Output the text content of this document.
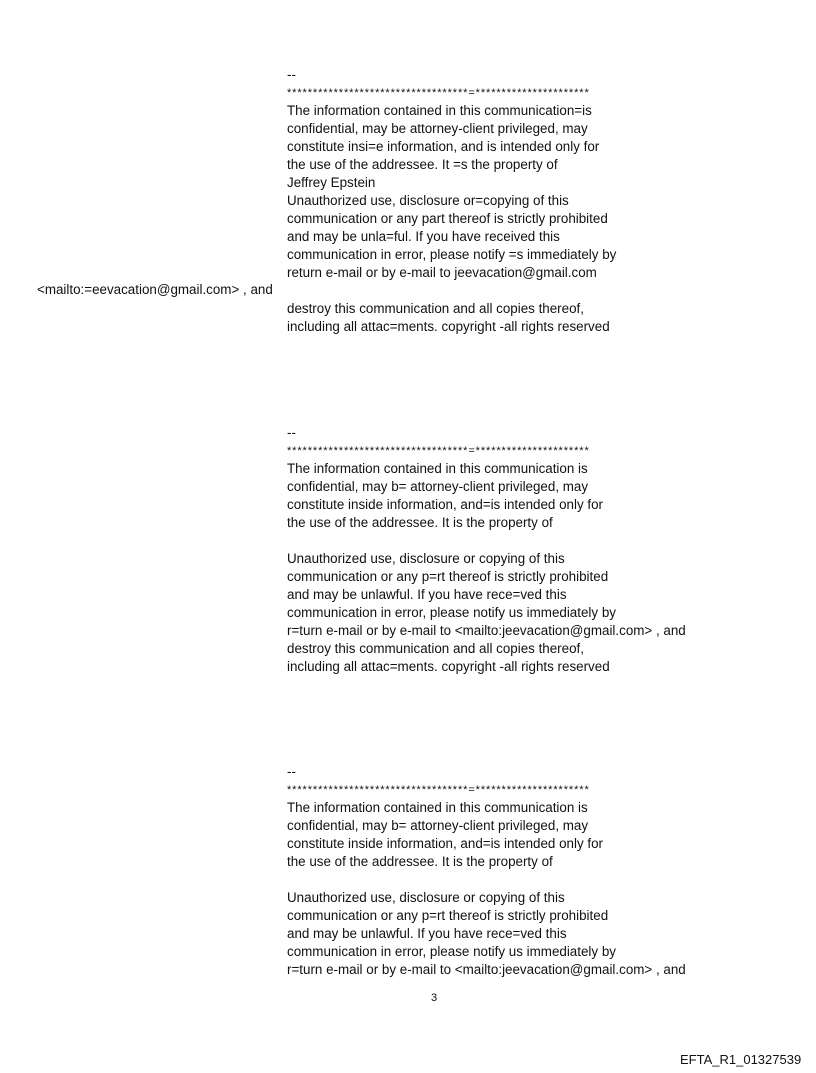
--
***********************************=**********************
The information contained in this communication=is
confidential, may be attorney-client privileged, may
constitute insi=e information, and is intended only for
the use of the addressee. It =s the property of
Jeffrey Epstein
Unauthorized use, disclosure or=copying of this
communication or any part thereof is strictly prohibited
and may be unla=ful. If you have received this
communication in error, please notify =s immediately by
return e-mail or by e-mail to jeevacation@gmail.com
destroy this communication and all copies thereof,
including all attac=ments. copyright -all rights reserved
<mailto:=eevacation@gmail.com> , and
--
***********************************=**********************
The information contained in this communication is
confidential, may b= attorney-client privileged, may
constitute inside information, and=is intended only for
the use of the addressee. It is the property of
Unauthorized use, disclosure or copying of this
communication or any p=rt thereof is strictly prohibited
and may be unlawful. If you have rece=ved this
communication in error, please notify us immediately by
r=turn e-mail or by e-mail to <mailto:jeevacation@gmail.com> , and
destroy this communication and all copies thereof,
including all attac=ments. copyright -all rights reserved
--
***********************************=**********************
The information contained in this communication is
confidential, may b= attorney-client privileged, may
constitute inside information, and=is intended only for
the use of the addressee. It is the property of
Unauthorized use, disclosure or copying of this
communication or any p=rt thereof is strictly prohibited
and may be unlawful. If you have rece=ved this
communication in error, please notify us immediately by
r=turn e-mail or by e-mail to <mailto:jeevacation@gmail.com> , and
3
EFTA_R1_01327539
